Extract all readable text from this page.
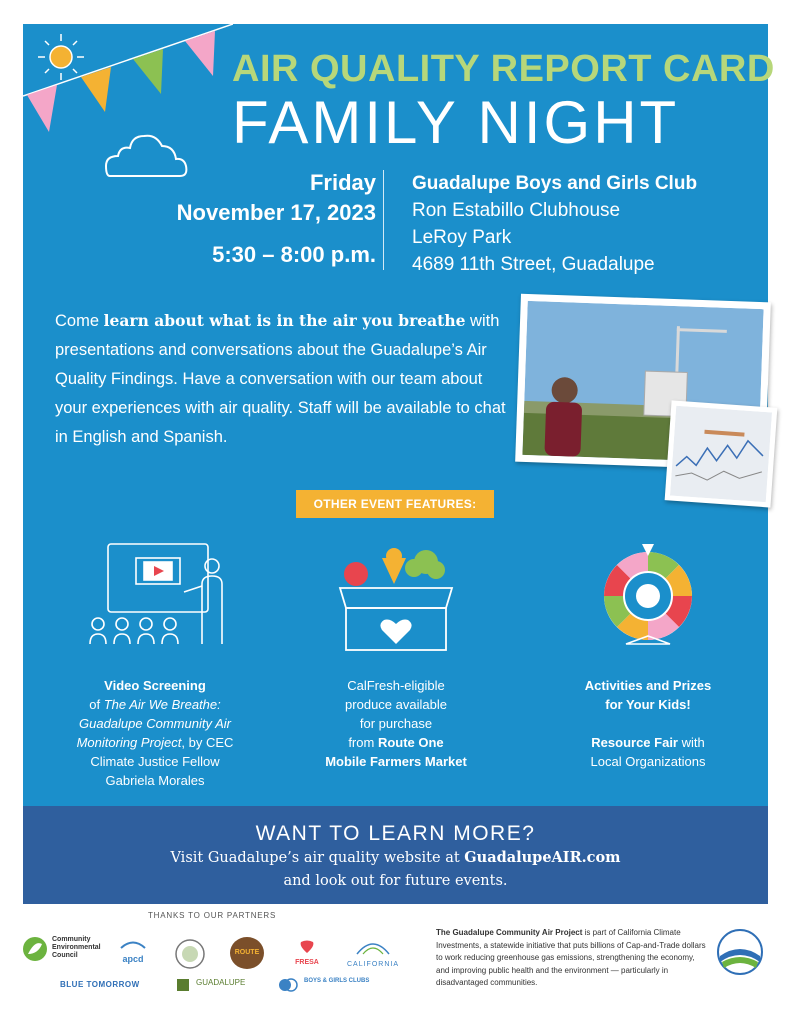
AIR QUALITY REPORT CARD
FAMILY NIGHT
Friday
November 17, 2023
5:30 – 8:00 p.m.
Guadalupe Boys and Girls Club
Ron Estabillo Clubhouse
LeRoy Park
4689 11th Street, Guadalupe
Come learn about what is in the air you breathe with presentations and conversations about the Guadalupe’s Air Quality Findings. Have a conversation with our team about your experiences with air quality. Staff will be available to chat in English and Spanish.
OTHER EVENT FEATURES:
Video Screening
of The Air We Breathe: Guadalupe Community Air Monitoring Project, by CEC Climate Justice Fellow Gabriela Morales
CalFresh-eligible
produce available
for purchase
from Route One
Mobile Farmers Market
Activities and Prizes
for Your Kids!

Resource Fair with
Local Organizations
WANT TO LEARN MORE?
Visit Guadalupe’s air quality website at GuadalupeAIR.com
and look out for future events.
THANKS TO OUR PARTNERS
Community Environmental Council	apcd
ROUTE
FRESA	CALIFORNIA
BLUE TOMORROW	GUADALUPE	BOYS & GIRLS CLUBS
The Guadalupe Community Air Project is part of California Climate Investments, a statewide initiative that puts billions of Cap-and-Trade dollars to work reducing greenhouse gas emissions, strengthening the economy, and improving public health and the environment — particularly in disadvantaged communities.
